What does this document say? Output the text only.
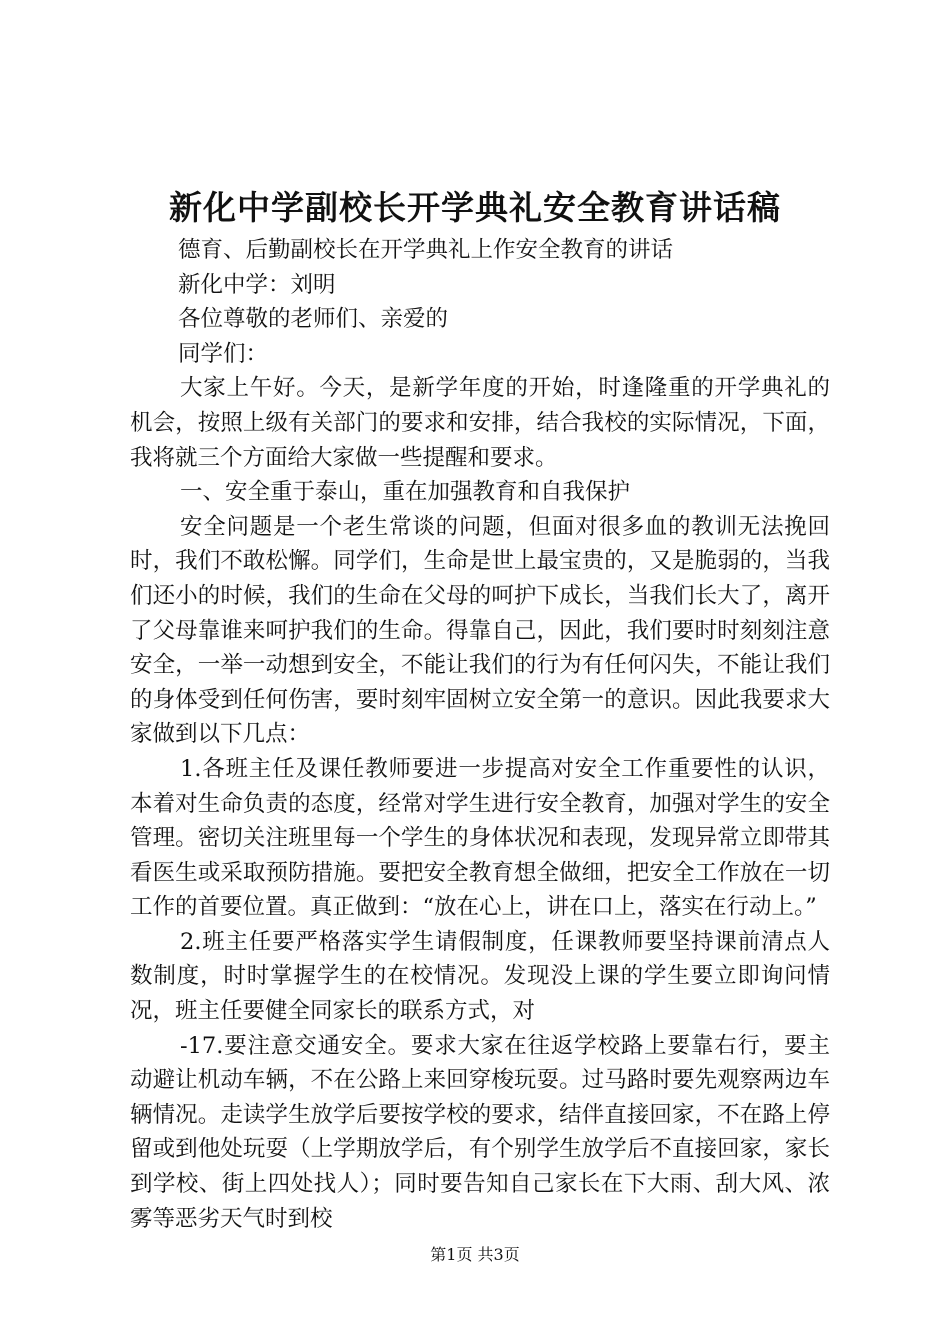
新化中学副校长开学典礼安全教育讲话稿
德育、后勤副校长在开学典礼上作安全教育的讲话
新化中学：刘明
各位尊敬的老师们、亲爱的
同学们：
大家上午好。今天，是新学年度的开始，时逢隆重的开学典礼的机会，按照上级有关部门的要求和安排，结合我校的实际情况，下面，我将就三个方面给大家做一些提醒和要求。
一、安全重于泰山，重在加强教育和自我保护
安全问题是一个老生常谈的问题，但面对很多血的教训无法挽回时，我们不敢松懈。同学们，生命是世上最宝贵的，又是脆弱的，当我们还小的时候，我们的生命在父母的呵护下成长，当我们长大了，离开了父母靠谁来呵护我们的生命。得靠自己，因此，我们要时时刻刻注意安全，一举一动想到安全，不能让我们的行为有任何闪失，不能让我们的身体受到任何伤害，要时刻牢固树立安全第一的意识。因此我要求大家做到以下几点：
1.各班主任及课任教师要进一步提高对安全工作重要性的认识，本着对生命负责的态度，经常对学生进行安全教育，加强对学生的安全管理。密切关注班里每一个学生的身体状况和表现，发现异常立即带其看医生或采取预防措施。要把安全教育想全做细，把安全工作放在一切工作的首要位置。真正做到：“放在心上，讲在口上，落实在行动上。”
2.班主任要严格落实学生请假制度，任课教师要坚持课前清点人数制度，时时掌握学生的在校情况。发现没上课的学生要立即询问情况，班主任要健全同家长的联系方式，对
-17.要注意交通安全。要求大家在往返学校路上要靠右行，要主动避让机动车辆，不在公路上来回穿梭玩耍。过马路时要先观察两边车辆情况。走读学生放学后要按学校的要求，结伴直接回家，不在路上停留或到他处玩耍（上学期放学后，有个别学生放学后不直接回家，家长到学校、街上四处找人）；同时要告知自己家长在下大雨、刮大风、浓雾等恶劣天气时到校
第1页 共3页
